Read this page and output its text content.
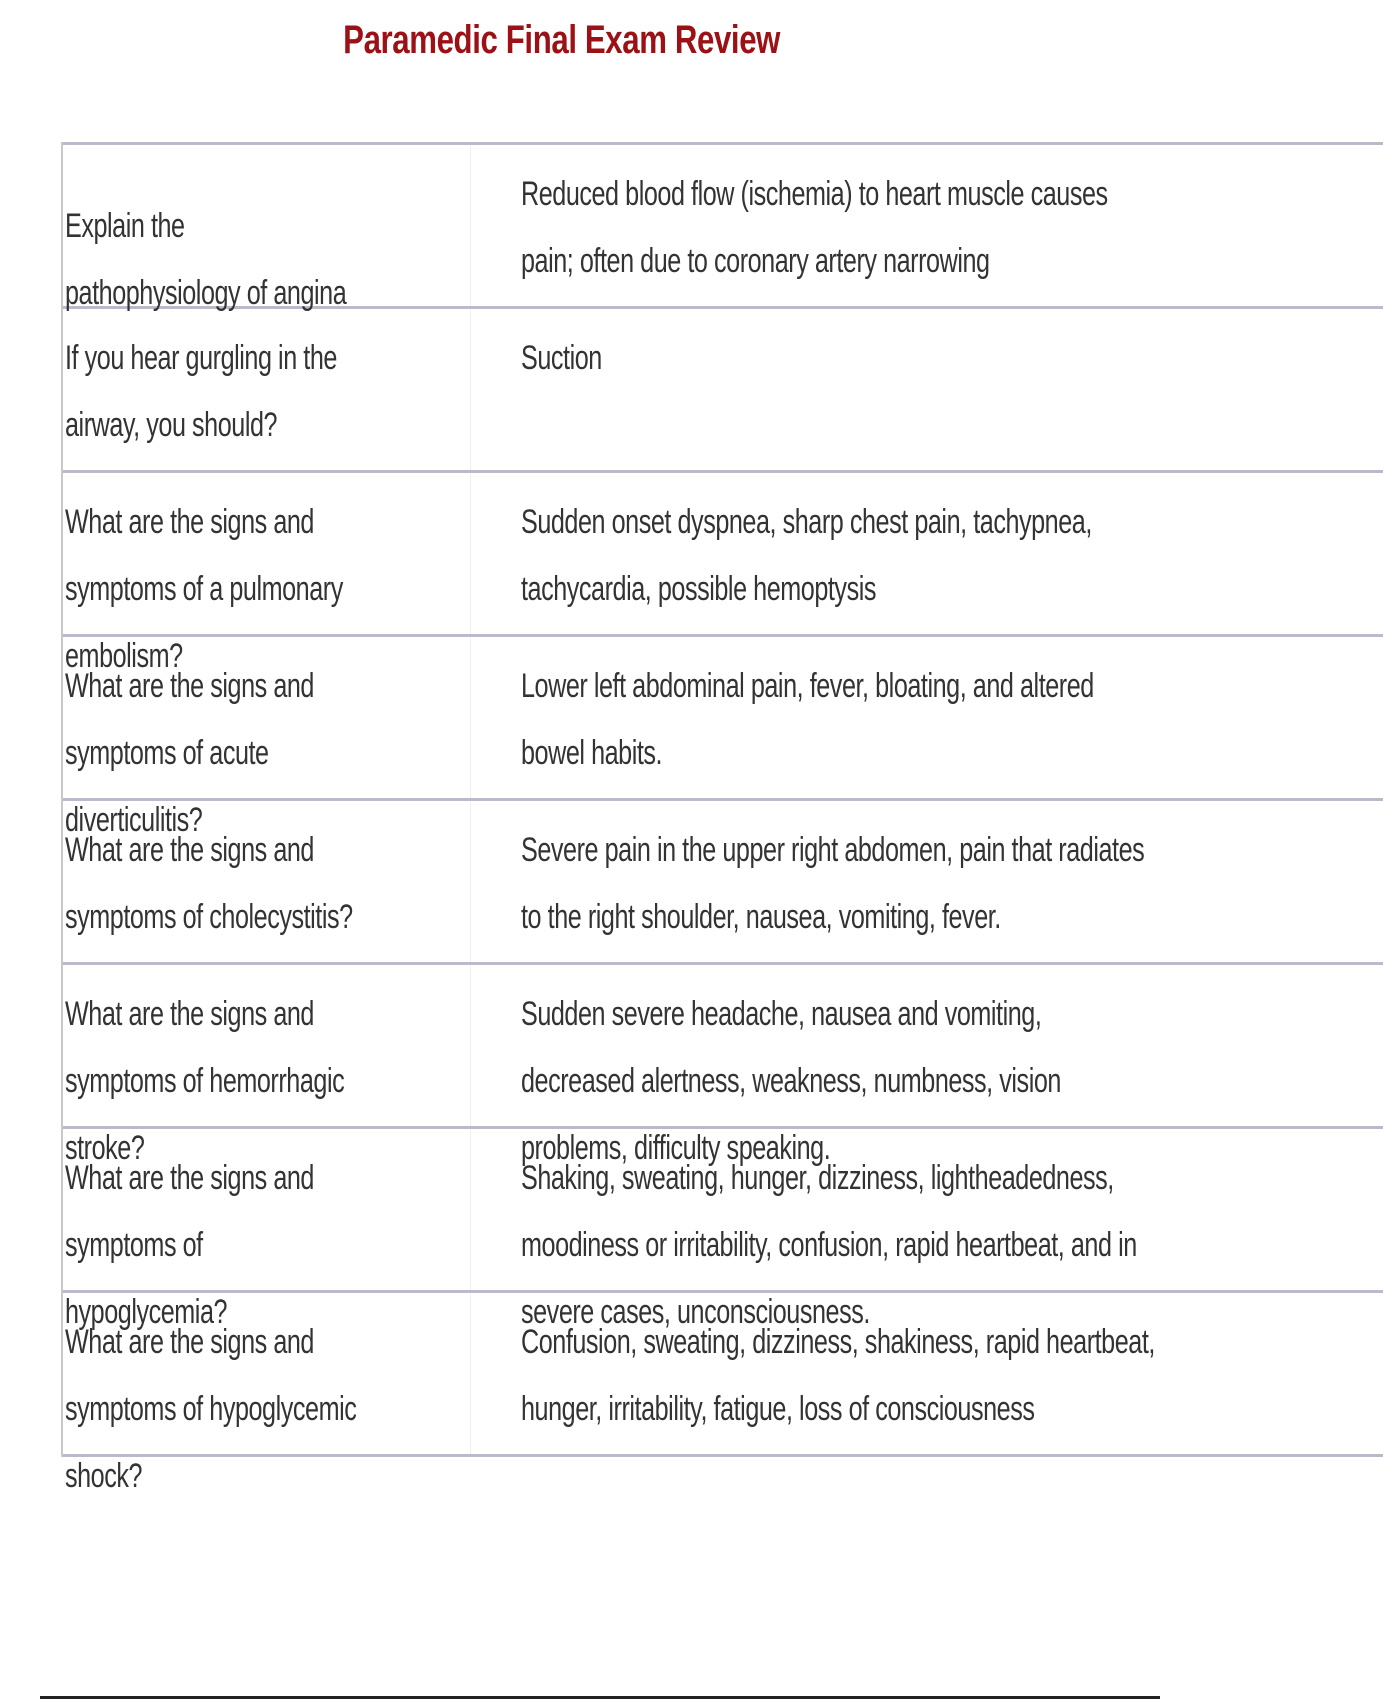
Paramedic Final Exam Review
Explain the pathophysiology of angina
Reduced blood flow (ischemia) to heart muscle causes pain; often due to coronary artery narrowing
If you hear gurgling in the airway, you should?
Suction
What are the signs and symptoms of a pulmonary embolism?
Sudden onset dyspnea, sharp chest pain, tachypnea, tachycardia, possible hemoptysis
What are the signs and symptoms of acute diverticulitis?
Lower left abdominal pain, fever, bloating, and altered bowel habits.
What are the signs and symptoms of cholecystitis?
Severe pain in the upper right abdomen, pain that radiates to the right shoulder, nausea, vomiting, fever.
What are the signs and symptoms of hemorrhagic stroke?
Sudden severe headache, nausea and vomiting, decreased alertness, weakness, numbness, vision problems, difficulty speaking.
What are the signs and symptoms of hypoglycemia?
Shaking, sweating, hunger, dizziness, lightheadedness, moodiness or irritability, confusion, rapid heartbeat, and in severe cases, unconsciousness.
What are the signs and symptoms of hypoglycemic shock?
Confusion, sweating, dizziness, shakiness, rapid heartbeat, hunger, irritability, fatigue, loss of consciousness
